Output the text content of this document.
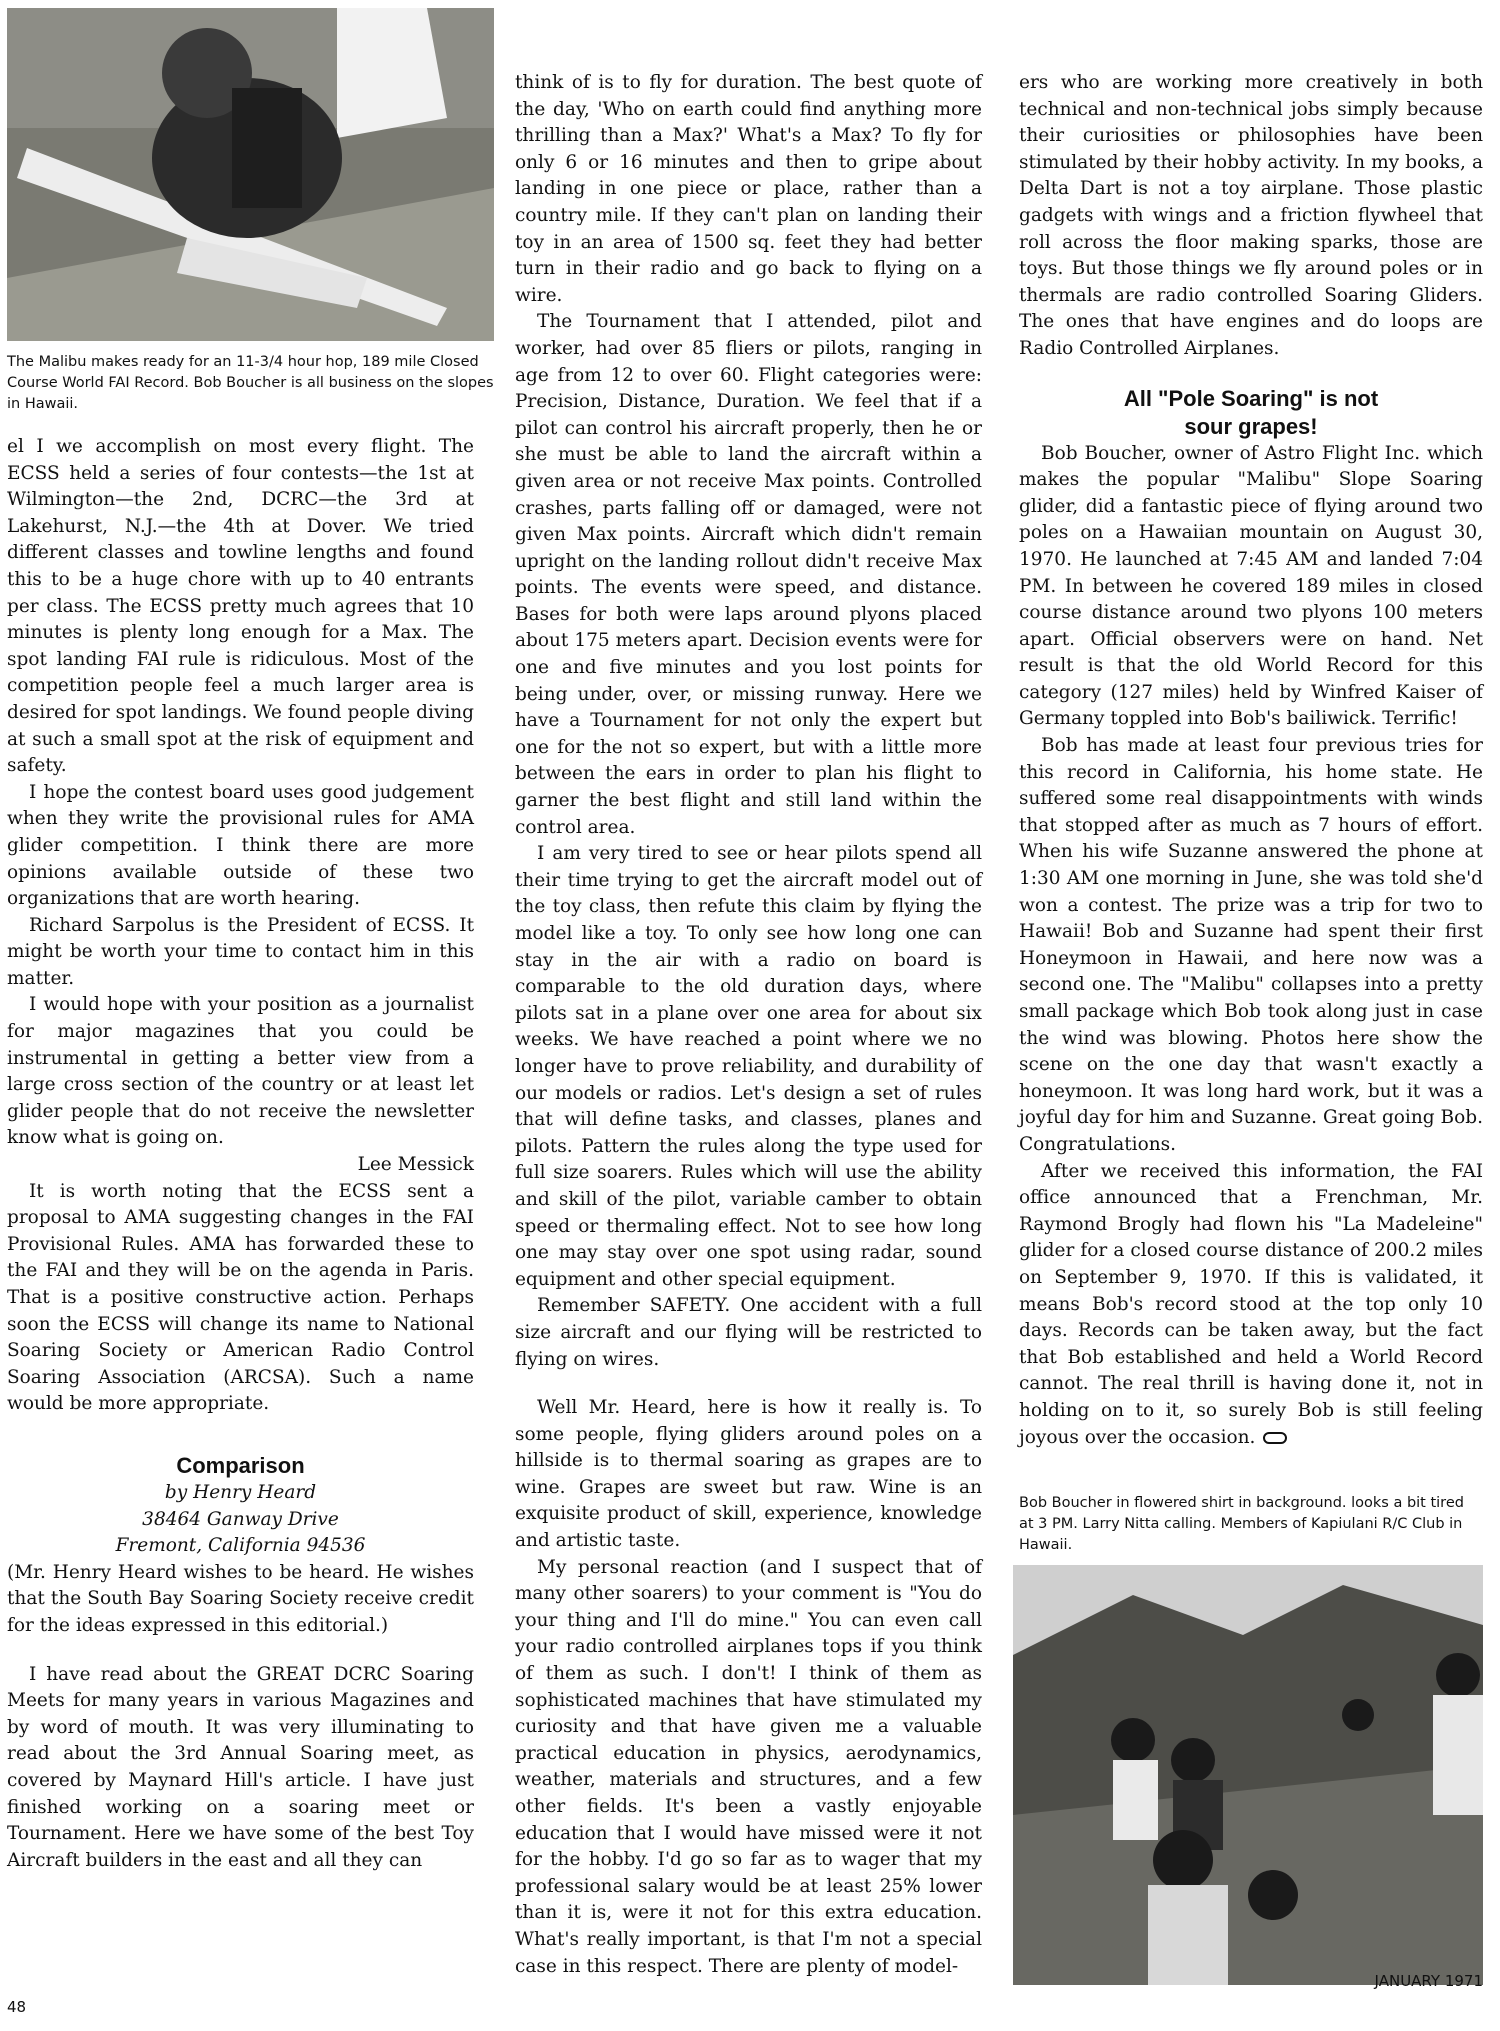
The Malibu makes ready for an 11-3/4 hour hop, 189 mile Closed Course World FAI Record. Bob Boucher is all business on the slopes in Hawaii.

el I we accomplish on most every flight. The ECSS held a series of four contests—the 1st at Wilmington—the 2nd, DCRC—the 3rd at Lakehurst, N.J.—the 4th at Dover. We tried different classes and towline lengths and found this to be a huge chore with up to 40 entrants per class. The ECSS pretty much agrees that 10 minutes is plenty long enough for a Max. The spot landing FAI rule is ridiculous. Most of the competition people feel a much larger area is desired for spot landings. We found people diving at such a small spot at the risk of equipment and safety.

I hope the contest board uses good judgement when they write the provisional rules for AMA glider competition. I think there are more opinions available outside of these two organizations that are worth hearing.

Richard Sarpolus is the President of ECSS. It might be worth your time to contact him in this matter.

I would hope with your position as a journalist for major magazines that you could be instrumental in getting a better view from a large cross section of the country or at least let glider people that do not receive the newsletter know what is going on.

Lee Messick

It is worth noting that the ECSS sent a proposal to AMA suggesting changes in the FAI Provisional Rules. AMA has forwarded these to the FAI and they will be on the agenda in Paris. That is a positive constructive action. Perhaps soon the ECSS will change its name to National Soaring Society or American Radio Control Soaring Association (ARCSA). Such a name would be more appropriate.

Comparison
by Henry Heard
38464 Ganway Drive
Fremont, California 94536

(Mr. Henry Heard wishes to be heard. He wishes that the South Bay Soaring Society receive credit for the ideas expressed in this editorial.)

I have read about the GREAT DCRC Soaring Meets for many years in various Magazines and by word of mouth. It was very illuminating to read about the 3rd Annual Soaring meet, as covered by Maynard Hill's article. I have just finished working on a soaring meet or Tournament. Here we have some of the best Toy Aircraft builders in the east and all they can

think of is to fly for duration. The best quote of the day, 'Who on earth could find anything more thrilling than a Max?' What's a Max? To fly for only 6 or 16 minutes and then to gripe about landing in one piece or place, rather than a country mile. If they can't plan on landing their toy in an area of 1500 sq. feet they had better turn in their radio and go back to flying on a wire.

The Tournament that I attended, pilot and worker, had over 85 fliers or pilots, ranging in age from 12 to over 60. Flight categories were: Precision, Distance, Duration. We feel that if a pilot can control his aircraft properly, then he or she must be able to land the aircraft within a given area or not receive Max points. Controlled crashes, parts falling off or damaged, were not given Max points. Aircraft which didn't remain upright on the landing rollout didn't receive Max points. The events were speed, and distance. Bases for both were laps around plyons placed about 175 meters apart. Decision events were for one and five minutes and you lost points for being under, over, or missing runway. Here we have a Tournament for not only the expert but one for the not so expert, but with a little more between the ears in order to plan his flight to garner the best flight and still land within the control area.

I am very tired to see or hear pilots spend all their time trying to get the aircraft model out of the toy class, then refute this claim by flying the model like a toy. To only see how long one can stay in the air with a radio on board is comparable to the old duration days, where pilots sat in a plane over one area for about six weeks. We have reached a point where we no longer have to prove reliability, and durability of our models or radios. Let's design a set of rules that will define tasks, and classes, planes and pilots. Pattern the rules along the type used for full size soarers. Rules which will use the ability and skill of the pilot, variable camber to obtain speed or thermaling effect. Not to see how long one may stay over one spot using radar, sound equipment and other special equipment.

Remember SAFETY. One accident with a full size aircraft and our flying will be restricted to flying on wires.

Well Mr. Heard, here is how it really is. To some people, flying gliders around poles on a hillside is to thermal soaring as grapes are to wine. Grapes are sweet but raw. Wine is an exquisite product of skill, experience, knowledge and artistic taste.

My personal reaction (and I suspect that of many other soarers) to your comment is "You do your thing and I'll do mine." You can even call your radio controlled airplanes tops if you think of them as such. I don't! I think of them as sophisticated machines that have stimulated my curiosity and that have given me a valuable practical education in physics, aerodynamics, weather, materials and structures, and a few other fields. It's been a vastly enjoyable education that I would have missed were it not for the hobby. I'd go so far as to wager that my professional salary would be at least 25% lower than it is, were it not for this extra education. What's really important, is that I'm not a special case in this respect. There are plenty of model-

ers who are working more creatively in both technical and non-technical jobs simply because their curiosities or philosophies have been stimulated by their hobby activity. In my books, a Delta Dart is not a toy airplane. Those plastic gadgets with wings and a friction flywheel that roll across the floor making sparks, those are toys. But those things we fly around poles or in thermals are radio controlled Soaring Gliders. The ones that have engines and do loops are Radio Controlled Airplanes.

All "Pole Soaring" is not
sour grapes!

Bob Boucher, owner of Astro Flight Inc. which makes the popular "Malibu" Slope Soaring glider, did a fantastic piece of flying around two poles on a Hawaiian mountain on August 30, 1970. He launched at 7:45 AM and landed 7:04 PM. In between he covered 189 miles in closed course distance around two plyons 100 meters apart. Official observers were on hand. Net result is that the old World Record for this category (127 miles) held by Winfred Kaiser of Germany toppled into Bob's bailiwick. Terrific!

Bob has made at least four previous tries for this record in California, his home state. He suffered some real disappointments with winds that stopped after as much as 7 hours of effort. When his wife Suzanne answered the phone at 1:30 AM one morning in June, she was told she'd won a contest. The prize was a trip for two to Hawaii! Bob and Suzanne had spent their first Honeymoon in Hawaii, and here now was a second one. The "Malibu" collapses into a pretty small package which Bob took along just in case the wind was blowing. Photos here show the scene on the one day that wasn't exactly a honeymoon. It was long hard work, but it was a joyful day for him and Suzanne. Great going Bob. Congratulations.

After we received this information, the FAI office announced that a Frenchman, Mr. Raymond Brogly had flown his "La Madeleine" glider for a closed course distance of 200.2 miles on September 9, 1970. If this is validated, it means Bob's record stood at the top only 10 days. Records can be taken away, but the fact that Bob established and held a World Record cannot. The real thrill is having done it, not in holding on to it, so surely Bob is still feeling joyous over the occasion.

Bob Boucher in flowered shirt in background. looks a bit tired at 3 PM. Larry Nitta calling. Members of Kapiulani R/C Club in Hawaii.
48
JANUARY 1971
